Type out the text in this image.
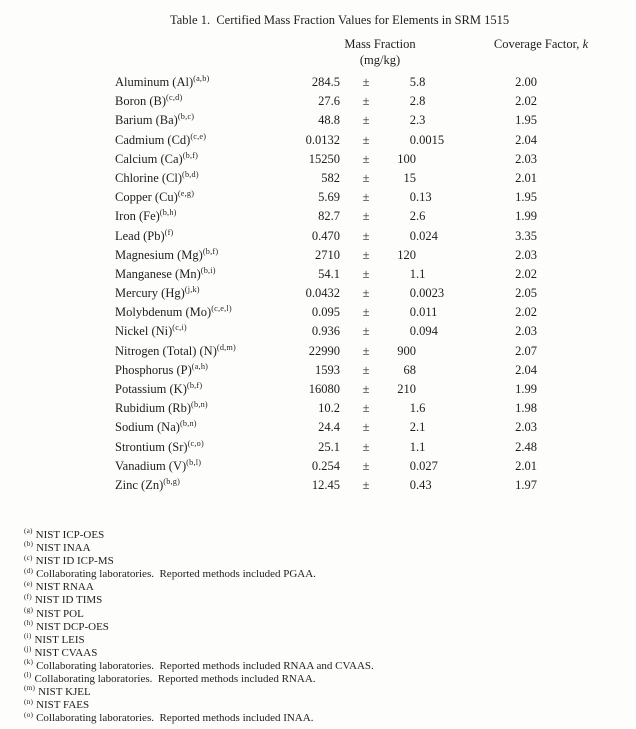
Table 1.  Certified Mass Fraction Values for Elements in SRM 1515
Mass Fraction
(mg/kg)
Coverage Factor, k
Aluminum $(Al)^{(a,b)}$	284.5	±	5.8	2.00
Boron $(B)^{(c,d)}$	27.6	±	2.8	2.02
Barium $(Ba)^{(b,c)}$	48.8	±	2.3	1.95
Cadmium $(Cd)^{(c,e)}$	0.0132	±	0.0015	2.04
Calcium $(Ca)^{(b,f)}$	15250	±	100	2.03
Chlorine $(Cl)^{(b,d)}$	582	±	15	2.01
Copper $(Cu)^{(e,g)}$	5.69	±	0.13	1.95
Iron $(Fe)^{(b,h)}$	82.7	±	2.6	1.99
Lead $(Pb)^{(f)}$	0.470	±	0.024	3.35
Magnesium $(Mg)^{(b,f)}$	2710	±	120	2.03
Manganese $(Mn)^{(b,i)}$	54.1	±	1.1	2.02
Mercury $(Hg)^{(j,k)}$	0.0432	±	0.0023	2.05
Molybdenum $(Mo)^{(c,e,l)}$	0.095	±	0.011	2.02
Nickel $(Ni)^{(c,i)}$	0.936	±	0.094	2.03
Nitrogen (Total) $(N)^{(d,m)}$	22990	±	900	2.07
Phosphorus $(P)^{(a,h)}$	1593	±	68	2.04
Potassium $(K)^{(b,f)}$	16080	±	210	1.99
Rubidium $(Rb)^{(b,n)}$	10.2	±	1.6	1.98
Sodium $(Na)^{(b,n)}$	24.4	±	2.1	2.03
Strontium $(Sr)^{(c,o)}$	25.1	±	1.1	2.48
Vanadium $(V)^{(b,l)}$	0.254	±	0.027	2.01
Zinc $(Zn)^{(b,g)}$	12.45	±	0.43	1.97
$^{(a)}$ NIST ICP-OES
$^{(b)}$ NIST INAA
$^{(c)}$ NIST ID ICP-MS
$^{(d)}$ Collaborating laboratories.  Reported methods included PGAA.
$^{(e)}$ NIST RNAA
$^{(f)}$ NIST ID TIMS
$^{(g)}$ NIST POL
$^{(h)}$ NIST DCP-OES
$^{(i)}$ NIST LEIS
$^{(j)}$ NIST CVAAS
$^{(k)}$ Collaborating laboratories.  Reported methods included RNAA and CVAAS.
$^{(l)}$ Collaborating laboratories.  Reported methods included RNAA.
$^{(m)}$ NIST KJEL
$^{(n)}$ NIST FAES
$^{(o)}$ Collaborating laboratories.  Reported methods included INAA.
